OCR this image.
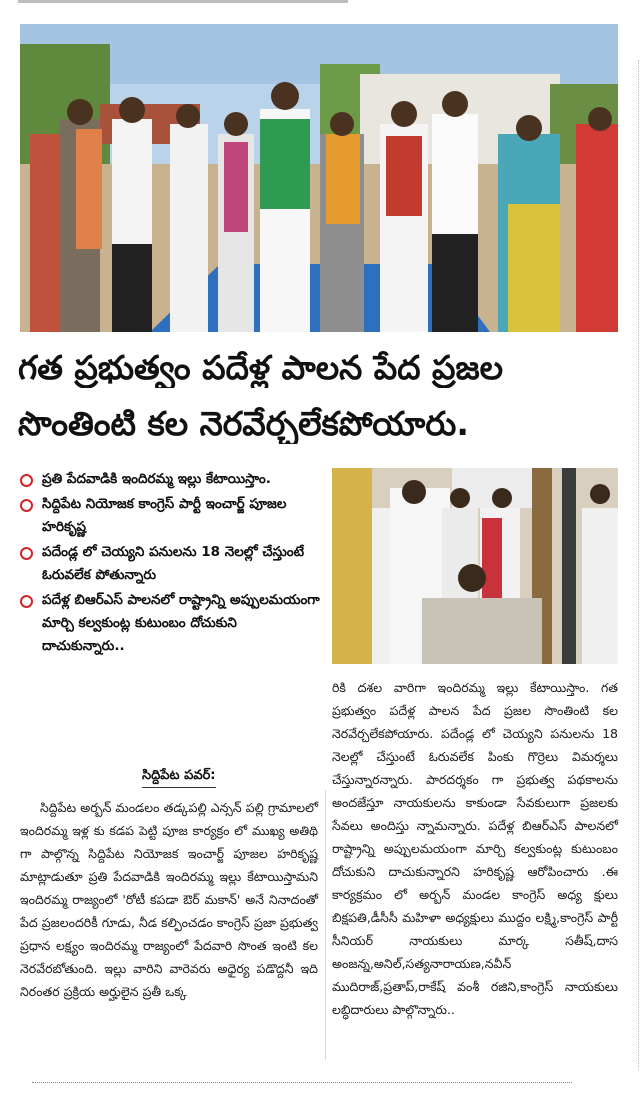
గత ప్రభుత్వం పదేళ్ల పాలన పేద ప్రజల
సొంతింటి కల నెరవేర్చలేకపోయారు.
ప్రతి పేదవాడికి ఇందిరమ్మ ఇల్లు కేటాయిస్తాం.
సిద్దిపేట నియోజక కాంగ్రెస్ పార్టీ ఇంచార్జ్ పూజల హరికృష్ణ
పదేండ్ల లో చెయ్యని పనులను 18 నెలల్లో చేస్తుంటే ఓరువలేక పోతున్నారు
పదేళ్ల బిఆర్ఎస్ పాలనలో రాష్ట్రాన్ని అప్పులమయంగా మార్చి కల్వకుంట్ల కుటుంబం దోచుకుని దాచుకున్నారు..
సిద్దిపేట పవర్:

సిద్దిపేట అర్బన్ మండలం తడ్కపల్లి ఎన్సన్ పల్లి గ్రామాలలో ఇందిరమ్మ ఇళ్ల కు కడప పెట్టి పూజ కార్యక్రం లో ముఖ్య అతిథి గా పాల్గొన్న సిద్దిపేట నియోజక ఇంచార్జ్ పూజల హరికృష్ణ మాట్లాడుతూ ప్రతి పేదవాడికి ఇందిరమ్మ ఇల్లు కేటాయిస్తామని ఇందిరమ్మ రాజ్యంలో 'రోటీ కపడా ఔర్ మకాన్' అనే నినాదంతో పేద ప్రజలందరికీ గూడు, నీడ కల్పించడం కాంగ్రెస్ ప్రజా ప్రభుత్వ ప్రధాన లక్ష్యం ఇందిరమ్మ రాజ్యంలో పేదవారి సొంత ఇంటి కల నెరవేరబోతుంది. ఇల్లు వారిని వారెవరు అధైర్య పడొద్దనీ ఇది నిరంతర ప్రక్రియ అర్హులైన ప్రతీ ఒక్క

రికి దశల వారిగా ఇందిరమ్మ ఇల్లు కేటాయిస్తాం. గత ప్రభుత్వం పదేళ్ల పాలన పేద ప్రజల సొంతింటి కల నెరవేర్చలేకపోయారు. పదేండ్ల లో చెయ్యని పనులను 18 నెలల్లో చేస్తుంటే ఓరువలేక పింకు గొర్రెలు విమర్శలు చేస్తున్నారన్నారు. పారదర్శకం గా ప్రభుత్వ పథకాలను అందజేస్తూ నాయకులను కాకుండా సేవకులుగా ప్రజలకు సేవలు అందిస్తు న్నామన్నారు. పదేళ్ల బిఆర్ఎస్ పాలనలో రాష్ట్రాన్ని అప్పులమయంగా మార్చి కల్వకుంట్ల కుటుంబం దోచుకుని దాచుకున్నారని హరికృష్ణ ఆరోపించారు .ఈ కార్యక్రమం లో అర్బన్ మండల కాంగ్రెస్ అధ్య క్షులు బిక్షపతి,డీసీసీ మహిళా అధ్యక్షులు ముద్దం లక్ష్మి,కాంగ్రెస్ పార్టీ సీనియర్ నాయకులు మార్క సతీష్,దాస అంజన్న,అనిల్,సత్యనారాయణ,నవీన్ ముదిరాజ్,ప్రతాప్,రాకేష్ వంశీ రజిని,కాంగ్రెస్ నాయకులు లబ్ధిదారులు పాల్గొన్నారు..
